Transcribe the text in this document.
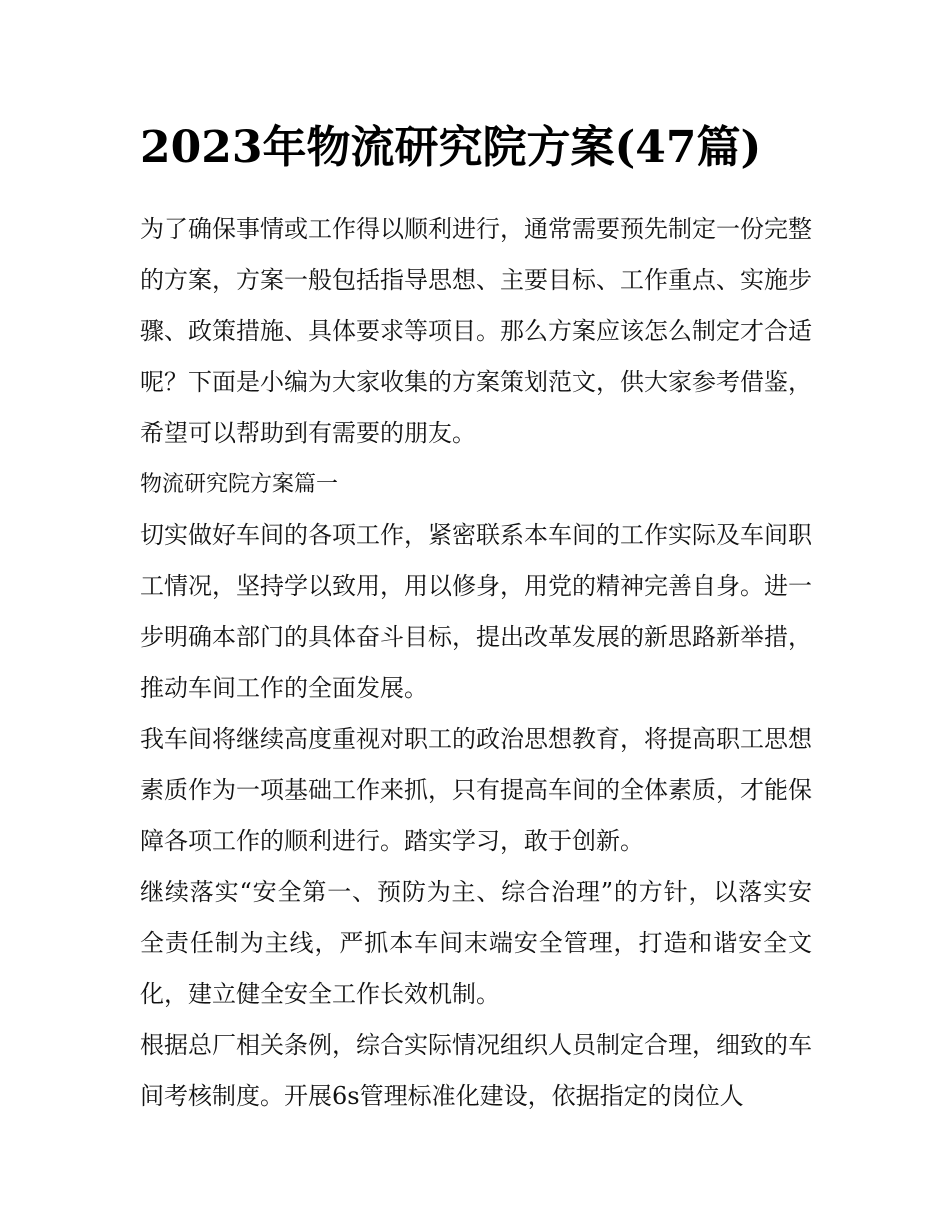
2023年物流研究院方案(47篇)

为了确保事情或工作得以顺利进行，通常需要预先制定一份完整的方案，方案一般包括指导思想、主要目标、工作重点、实施步骤、政策措施、具体要求等项目。那么方案应该怎么制定才合适呢？下面是小编为大家收集的方案策划范文，供大家参考借鉴，希望可以帮助到有需要的朋友。

物流研究院方案篇一

切实做好车间的各项工作，紧密联系本车间的工作实际及车间职工情况，坚持学以致用，用以修身，用党的精神完善自身。进一步明确本部门的具体奋斗目标，提出改革发展的新思路新举措，推动车间工作的全面发展。

我车间将继续高度重视对职工的政治思想教育，将提高职工思想素质作为一项基础工作来抓，只有提高车间的全体素质，才能保障各项工作的顺利进行。踏实学习，敢于创新。

继续落实“安全第一、预防为主、综合治理”的方针，以落实安全责任制为主线，严抓本车间末端安全管理，打造和谐安全文化，建立健全安全工作长效机制。

根据总厂相关条例，综合实际情况组织人员制定合理，细致的车间考核制度。开展6s管理标准化建设，依据指定的岗位人
